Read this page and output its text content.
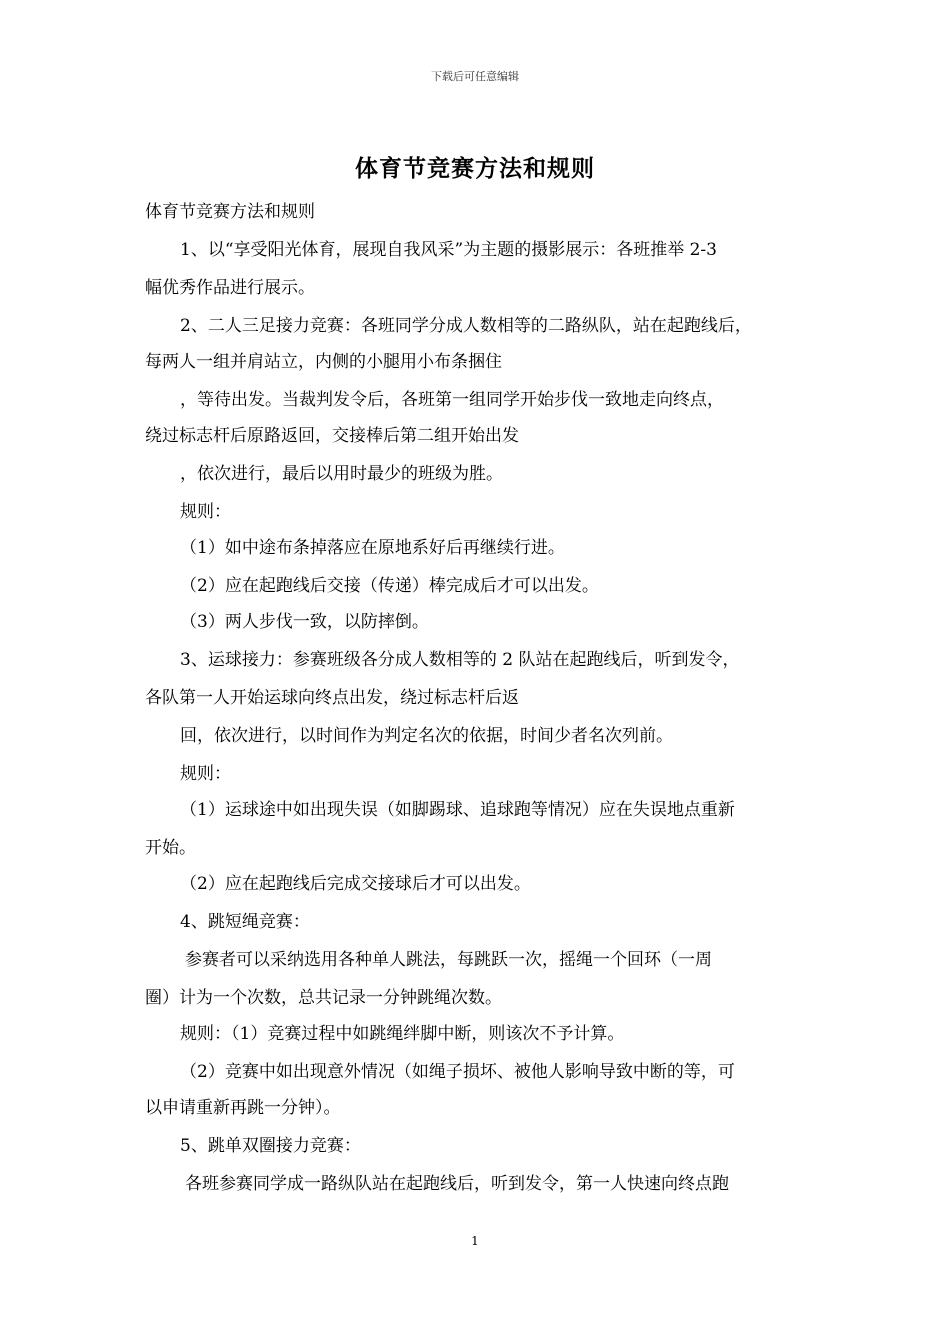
下载后可任意编辑
体育节竞赛方法和规则
体育节竞赛方法和规则
1、以“享受阳光体育，展现自我风采”为主题的摄影展示：各班推举 2-3
幅优秀作品进行展示。
2、二人三足接力竞赛：各班同学分成人数相等的二路纵队，站在起跑线后，
每两人一组并肩站立，内侧的小腿用小布条捆住
，等待出发。当裁判发令后，各班第一组同学开始步伐一致地走向终点，
绕过标志杆后原路返回，交接棒后第二组开始出发
，依次进行，最后以用时最少的班级为胜。
规则：
（1）如中途布条掉落应在原地系好后再继续行进。
（2）应在起跑线后交接（传递）棒完成后才可以出发。
（3）两人步伐一致，以防摔倒。
3、运球接力：参赛班级各分成人数相等的 2 队站在起跑线后，听到发令，
各队第一人开始运球向终点出发，绕过标志杆后返
回，依次进行，以时间作为判定名次的依据，时间少者名次列前。
规则：
（1）运球途中如出现失误（如脚踢球、追球跑等情况）应在失误地点重新
开始。
（2）应在起跑线后完成交接球后才可以出发。
4、跳短绳竞赛：
参赛者可以采纳选用各种单人跳法，每跳跃一次，摇绳一个回环（一周
圈）计为一个次数，总共记录一分钟跳绳次数。
规则：（1）竞赛过程中如跳绳绊脚中断，则该次不予计算。
（2）竞赛中如出现意外情况（如绳子损坏、被他人影响导致中断的等，可
以申请重新再跳一分钟）。
5、跳单双圈接力竞赛：
各班参赛同学成一路纵队站在起跑线后，听到发令，第一人快速向终点跑
1
